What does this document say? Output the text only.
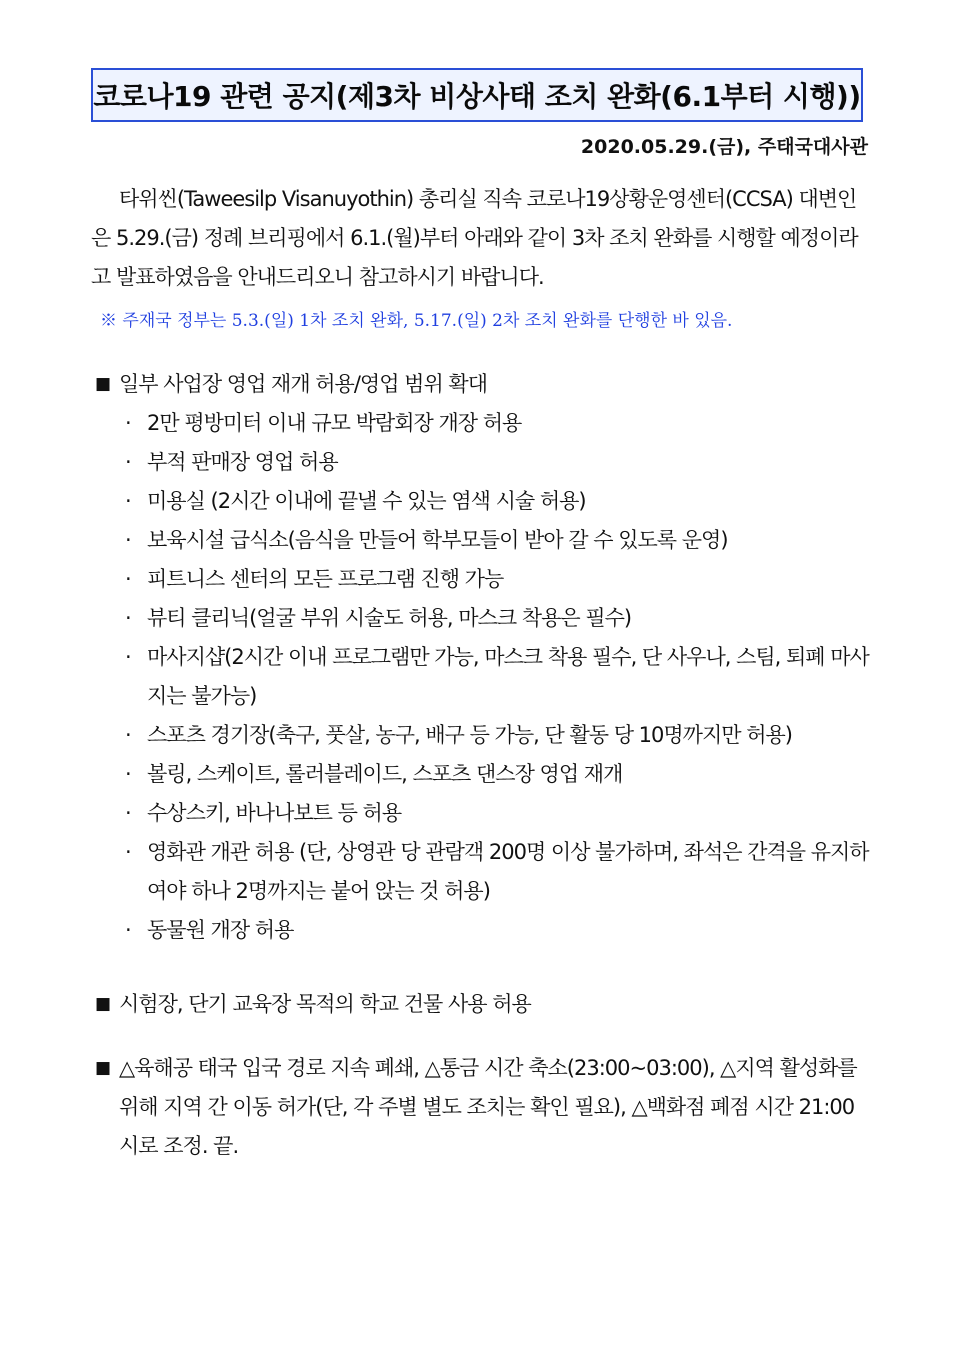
코로나19 관련 공지(제3차 비상사태 조치 완화(6.1부터 시행))
2020.05.29.(금), 주태국대사관

타위씬(Taweesilp Visanuyothin) 총리실 직속 코로나19상황운영센터(CCSA) 대변인은 5.29.(금) 정례 브리핑에서 6.1.(월)부터 아래와 같이 3차 조치 완화를 시행할 예정이라고 발표하였음을 안내드리오니 참고하시기 바랍니다.

※ 주재국 정부는 5.3.(일) 1차 조치 완화, 5.17.(일) 2차 조치 완화를 단행한 바 있음.
■ 일부 사업장 영업 재개 허용/영업 범위 확대
· 2만 평방미터 이내 규모 박람회장 개장 허용
· 부적 판매장 영업 허용
· 미용실 (2시간 이내에 끝낼 수 있는 염색 시술 허용)
· 보육시설 급식소(음식을 만들어 학부모들이 받아 갈 수 있도록 운영)
· 피트니스 센터의 모든 프로그램 진행 가능
· 뷰티 클리닉(얼굴 부위 시술도 허용, 마스크 착용은 필수)
· 마사지샵(2시간 이내 프로그램만 가능, 마스크 착용 필수, 단 사우나, 스팀, 퇴폐 마사지는 불가능)
· 스포츠 경기장(축구, 풋살, 농구, 배구 등 가능, 단 활동 당 10명까지만 허용)
· 볼링, 스케이트, 롤러블레이드, 스포츠 댄스장 영업 재개
· 수상스키, 바나나보트 등 허용
· 영화관 개관 허용 (단, 상영관 당 관람객 200명 이상 불가하며, 좌석은 간격을 유지하여야 하나 2명까지는 붙어 앉는 것 허용)
· 동물원 개장 허용
■ 시험장, 단기 교육장 목적의 학교 건물 사용 허용
■ △육해공 태국 입국 경로 지속 폐쇄, △통금 시간 축소(23:00~03:00), △지역 활성화를 위해 지역 간 이동 허가(단, 각 주별 별도 조치는 확인 필요), △백화점 폐점 시간 21:00시로 조정. 끝.
